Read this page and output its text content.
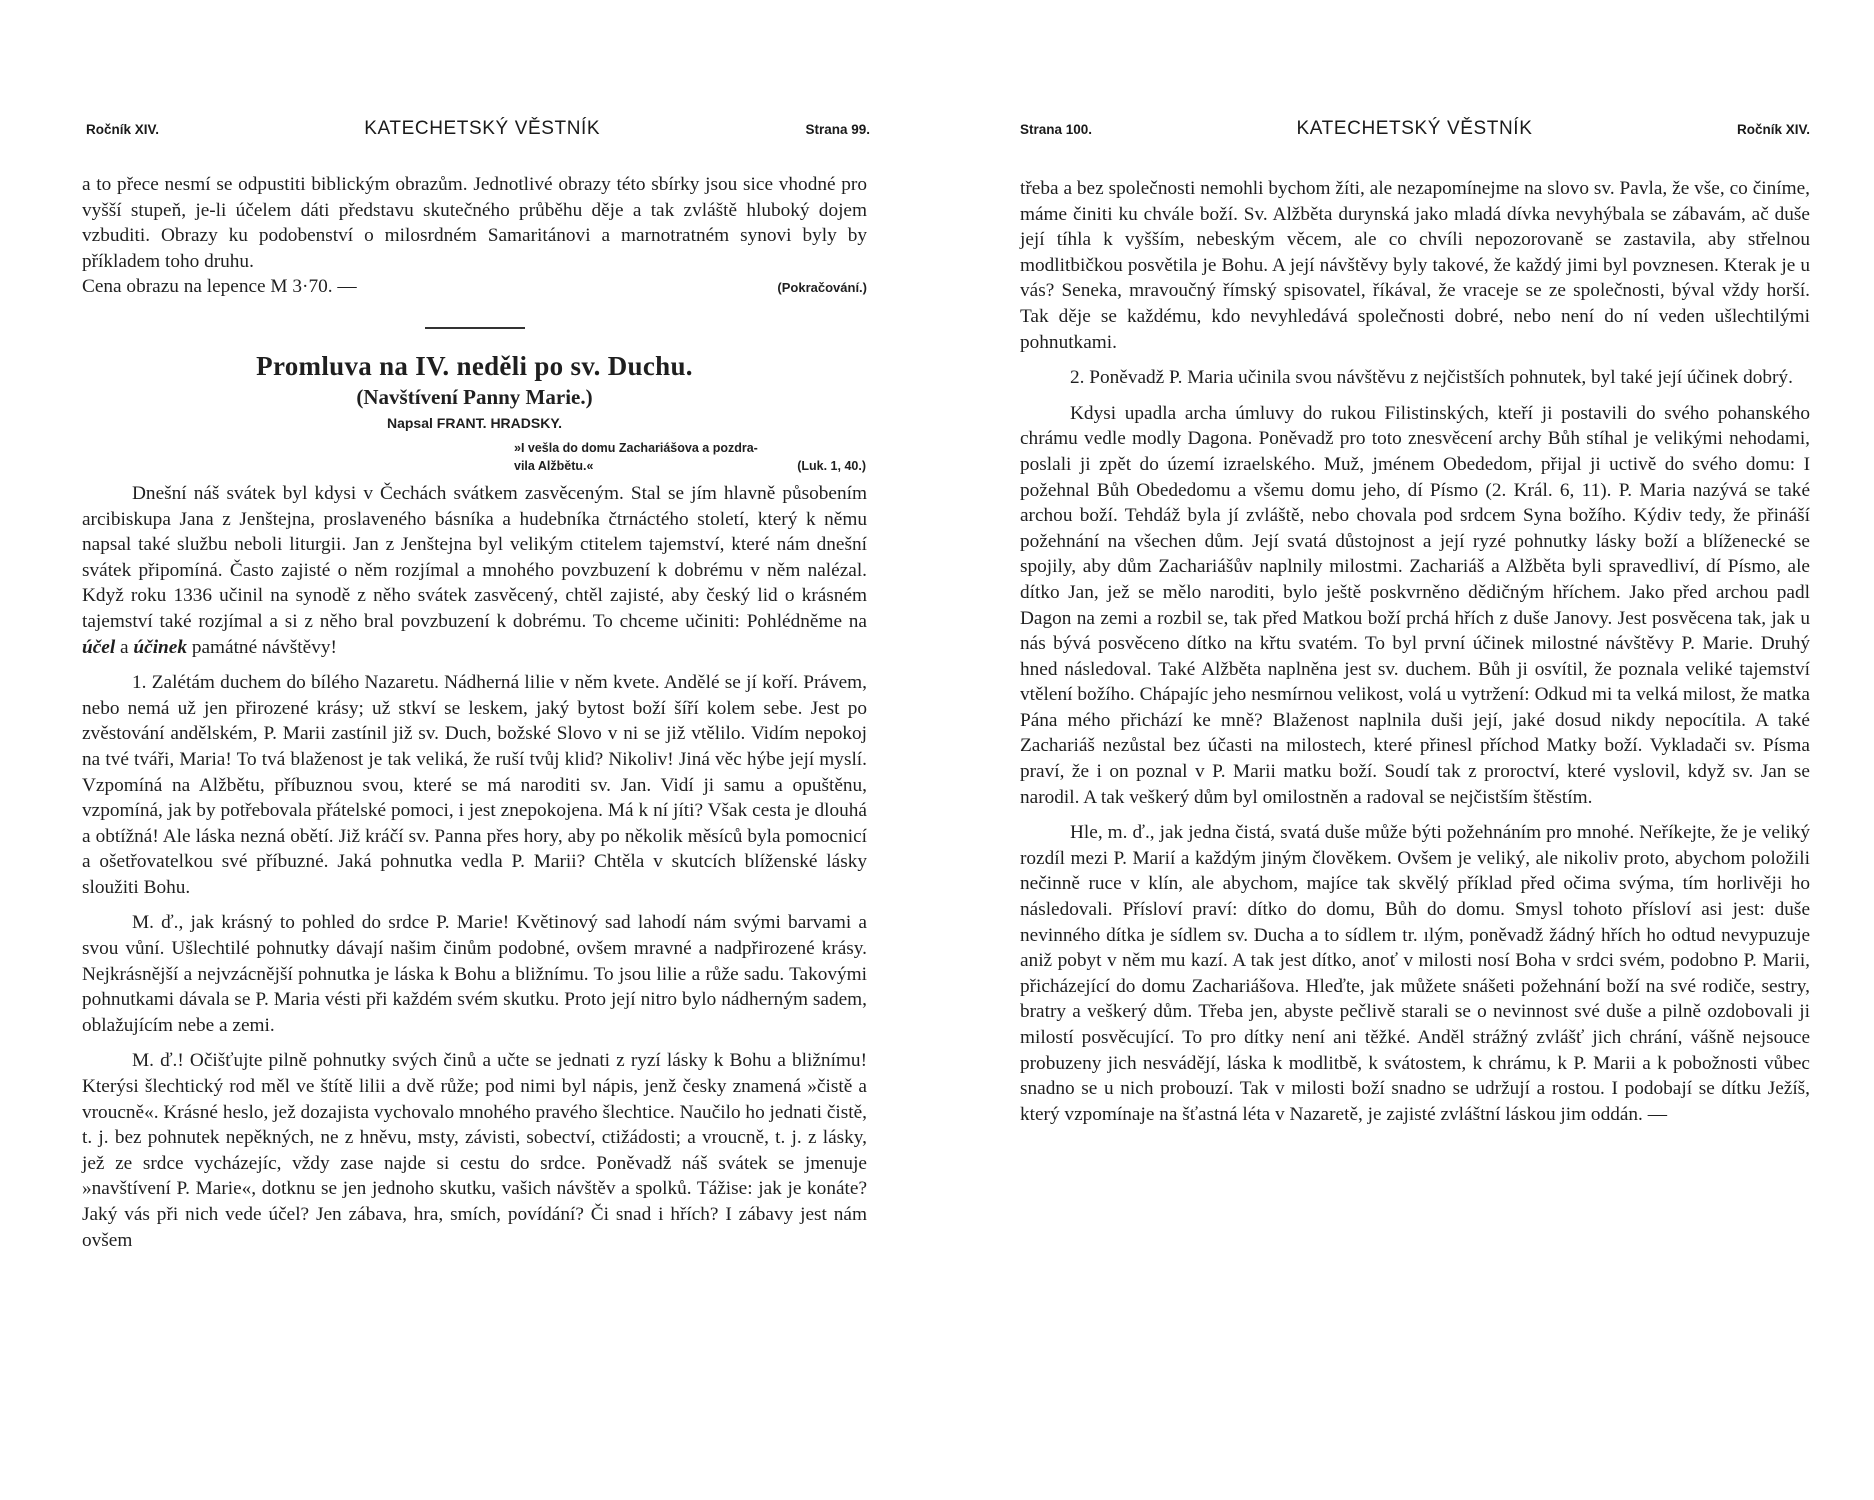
Ročník XIV.	KATECHETSKÝ VĚSTNÍK	Strana 99.

a to přece nesmí se odpustiti biblickým obrazům. Jednotlivé obrazy této sbírky jsou sice vhodné pro vyšší stupeň, je-li účelem dáti představu skutečného průběhu děje a tak zvláště hluboký dojem vzbuditi. Obrazy ku podobenství o milosrdném Samaritánovi a marnotratném synovi byly by příkladem toho druhu.

Cena obrazu na lepence M 3·70. —	(Pokračování.)

Promluva na IV. neděli po sv. Duchu.

(Navštívení Panny Marie.)

Napsal FRANT. HRADSKY.

»I vešla do domu Zachariášova a pozdra-
vila Alžbětu.«	(Luk. 1, 40.)

Dnešní náš svátek byl kdysi v Čechách svátkem zasvěceným. Stal se jím hlavně působením arcibiskupa Jana z Jenštejna, proslaveného básníka a hudebníka čtrnáctého století, který k němu napsal také službu neboli liturgii. Jan z Jenštejna byl velikým ctitelem tajemství, které nám dnešní svátek připomíná. Často zajisté o něm rozjímal a mnohého povzbuzení k dobrému v něm nalézal. Když roku 1336 učinil na synodě z něho svátek zasvěcený, chtěl zajisté, aby český lid o krásném tajemství také rozjímal a si z něho bral povzbuzení k dobrému. To chceme učiniti: Pohlédněme na účel a účinek památné návštěvy!

1. Zalétám duchem do bílého Nazaretu. Nádherná lilie v něm kvete. Andělé se jí koří. Právem, nebo nemá už jen přirozené krásy; už stkví se leskem, jaký bytost boží šíří kolem sebe. Jest po zvěstování andělském, P. Marii zastínil již sv. Duch, božské Slovo v ni se již vtělilo. Vidím nepokoj na tvé tváři, Maria! To tvá blaženost je tak veliká, že ruší tvůj klid? Nikoliv! Jiná věc hýbe její myslí. Vzpomíná na Alžbětu, příbuznou svou, které se má naroditi sv. Jan. Vidí ji samu a opuštěnu, vzpomíná, jak by potřebovala přátelské pomoci, i jest znepokojena. Má k ní jíti? Však cesta je dlouhá a obtížná! Ale láska nezná obětí. Již kráčí sv. Panna přes hory, aby po několik měsíců byla pomocnicí a ošetřovatelkou své příbuzné. Jaká pohnutka vedla P. Marii? Chtěla v skutcích blíženské lásky sloužiti Bohu.

M. ď., jak krásný to pohled do srdce P. Marie! Květinový sad lahodí nám svými barvami a svou vůní. Ušlechtilé pohnutky dávají našim činům podobné, ovšem mravné a nadpřirozené krásy. Nejkrásnější a nejvzácnější pohnutka je láska k Bohu a bližnímu. To jsou lilie a růže sadu. Takovými pohnutkami dávala se P. Maria vésti při každém svém skutku. Proto její nitro bylo nádherným sadem, oblažujícím nebe a zemi.

M. ď.! Očišťujte pilně pohnutky svých činů a učte se jednati z ryzí lásky k Bohu a bližnímu! Kterýsi šlechtický rod měl ve štítě lilii a dvě růže; pod nimi byl nápis, jenž česky znamená »čistě a vroucně«. Krásné heslo, jež dozajista vychovalo mnohého pravého šlechtice. Naučilo ho jednati čistě, t. j. bez pohnutek nepěkných, ne z hněvu, msty, závisti, sobectví, ctižádosti; a vroucně, t. j. z lásky, jež ze srdce vycházejíc, vždy zase najde si cestu do srdce. Poněvadž náš svátek se jmenuje »navštívení P. Marie«, dotknu se jen jednoho skutku, vašich návštěv a spolků. Tážisе: jak je konáte? Jaký vás při nich vede účel? Jen zábava, hra, smích, povídání? Či snad i hřích? I zábavy jest nám ovšem

Strana 100.	KATECHETSKÝ VĚSTNÍK	Ročník XIV.

třeba a bez společnosti nemohli bychom žíti, ale nezapomínejme na slovo sv. Pavla, že vše, co činíme, máme činiti ku chvále boží. Sv. Alžběta durynská jako mladá dívka nevyhýbala se zábavám, ač duše její tíhla k vyšším, nebeským věcem, ale co chvíli nepozorovaně se zastavila, aby střelnou modlitbičkou posvětila je Bohu. A její návštěvy byly takové, že každý jimi byl povznesen. Kterak je u vás? Seneka, mravoučný římský spisovatel, říkával, že vraceje se ze společnosti, býval vždy horší. Tak děje se každému, kdo nevyhledává společnosti dobré, nebo není do ní veden ušlechtilými pohnutkami.

2. Poněvadž P. Maria učinila svou návštěvu z nejčistších pohnutek, byl také její účinek dobrý.

Kdysi upadla archa úmluvy do rukou Filistinských, kteří ji postavili do svého pohanského chrámu vedle modly Dagona. Poněvadž pro toto znesvěcení archy Bůh stíhal je velikými nehodami, poslali ji zpět do území izraelského. Muž, jménem Obededom, přijal ji uctivě do svého domu: I požehnal Bůh Obededomu a všemu domu jeho, dí Písmo (2. Král. 6, 11). P. Maria nazývá se také archou boží. Tehdáž byla jí zvláště, nebo chovala pod srdcem Syna božího. Kýdiv tedy, že přináší požehnání na všechen dům. Její svatá důstojnost a její ryzé pohnutky lásky boží a blíženecké se spojily, aby dům Zachariášův naplnily milostmi. Zachariáš a Alžběta byli spravedliví, dí Písmo, ale dítko Jan, jež se mělo naroditi, bylo ještě poskvrněno dědičným hříchem. Jako před archou padl Dagon na zemi a rozbil se, tak před Matkou boží prchá hřích z duše Janovy. Jest posvěcena tak, jak u nás bývá posvěceno dítko na křtu svatém. To byl první účinek milostné návštěvy P. Marie. Druhý hned následoval. Také Alžběta naplněna jest sv. duchem. Bůh ji osvítil, že poznala veliké tajemství vtělení božího. Chápajíc jeho nesmírnou velikost, volá u vytržení: Odkud mi ta velká milost, že matka Pána mého přichází ke mně? Blaženost naplnila duši její, jaké dosud nikdy nepocítila. A také Zachariáš nezůstal bez účasti na milostech, které přinesl příchod Matky boží. Vykladači sv. Písma praví, že i on poznal v P. Marii matku boží. Soudí tak z proroctví, které vyslovil, když sv. Jan se narodil. A tak veškerý dům byl omilostněn a radoval se nejčistším štěstím.

Hle, m. ď., jak jedna čistá, svatá duše může býti požehnáním pro mnohé. Neříkejte, že je veliký rozdíl mezi P. Marií a každým jiným člověkem. Ovšem je veliký, ale nikoliv proto, abychom položili nečinně ruce v klín, ale abychom, majíce tak skvělý příklad před očima svýma, tím horlivěji ho následovali. Přísloví praví: dítko do domu, Bůh do domu. Smysl tohoto přísloví asi jest: duše nevinného dítka je sídlem sv. Ducha a to sídlem tr. ılým, poněvadž žádný hřích ho odtud nevypuzuje aniž pobyt v něm mu kazí. A tak jest dítko, anoť v milosti nosí Boha v srdci svém, podobno P. Marii, přicházející do domu Zachariášova. Hleďte, jak můžete snášeti požehnání boží na své rodiče, sestry, bratry a veškerý dům. Třeba jen, abyste pečlivě starali se o nevinnost své duše a pilně ozdobovali ji milostí posvěcující. To pro dítky není ani těžké. Anděl strážný zvlášť jich chrání, vášně nejsouce probuzeny jich nesvádějí, láska k modlitbě, k svátostem, k chrámu, k P. Marii a k pobožnosti vůbec snadno se u nich probouzí. Tak v milosti boží snadno se udržují a rostou. I podobají se dítku Ježíš, který vzpomínaje na šťastná léta v Nazaretě, je zajisté zvláštní láskou jim oddán. —
